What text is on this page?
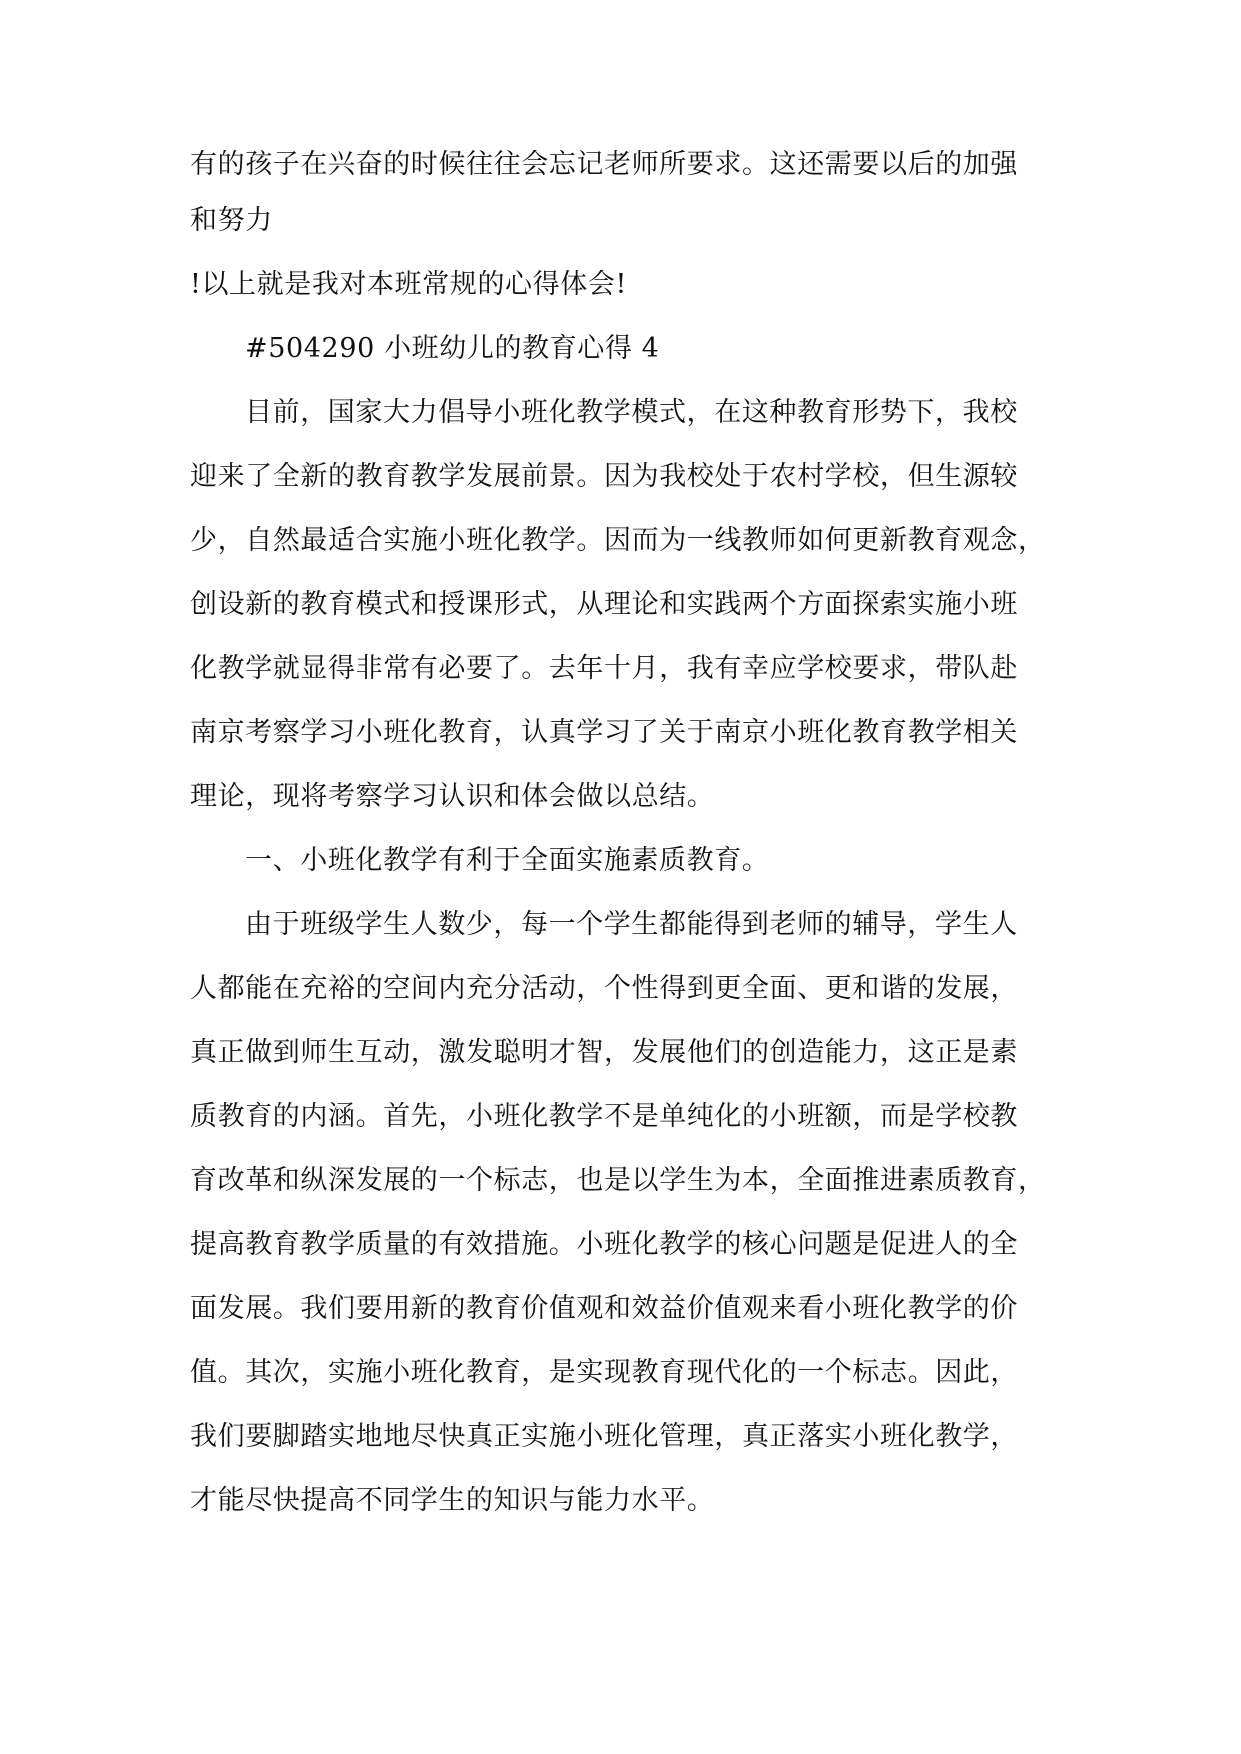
有的孩子在兴奋的时候往往会忘记老师所要求。这还需要以后的加强
和努力
!以上就是我对本班常规的心得体会!
#504290 小班幼儿的教育心得 4
目前，国家大力倡导小班化教学模式，在这种教育形势下，我校
迎来了全新的教育教学发展前景。因为我校处于农村学校，但生源较
少，自然最适合实施小班化教学。因而为一线教师如何更新教育观念，
创设新的教育模式和授课形式，从理论和实践两个方面探索实施小班
化教学就显得非常有必要了。去年十月，我有幸应学校要求，带队赴
南京考察学习小班化教育，认真学习了关于南京小班化教育教学相关
理论，现将考察学习认识和体会做以总结。
一、小班化教学有利于全面实施素质教育。
由于班级学生人数少，每一个学生都能得到老师的辅导，学生人
人都能在充裕的空间内充分活动，个性得到更全面、更和谐的发展，
真正做到师生互动，激发聪明才智，发展他们的创造能力，这正是素
质教育的内涵。首先，小班化教学不是单纯化的小班额，而是学校教
育改革和纵深发展的一个标志，也是以学生为本，全面推进素质教育，
提高教育教学质量的有效措施。小班化教学的核心问题是促进人的全
面发展。我们要用新的教育价值观和效益价值观来看小班化教学的价
值。其次，实施小班化教育，是实现教育现代化的一个标志。因此，
我们要脚踏实地地尽快真正实施小班化管理，真正落实小班化教学，
才能尽快提高不同学生的知识与能力水平。
